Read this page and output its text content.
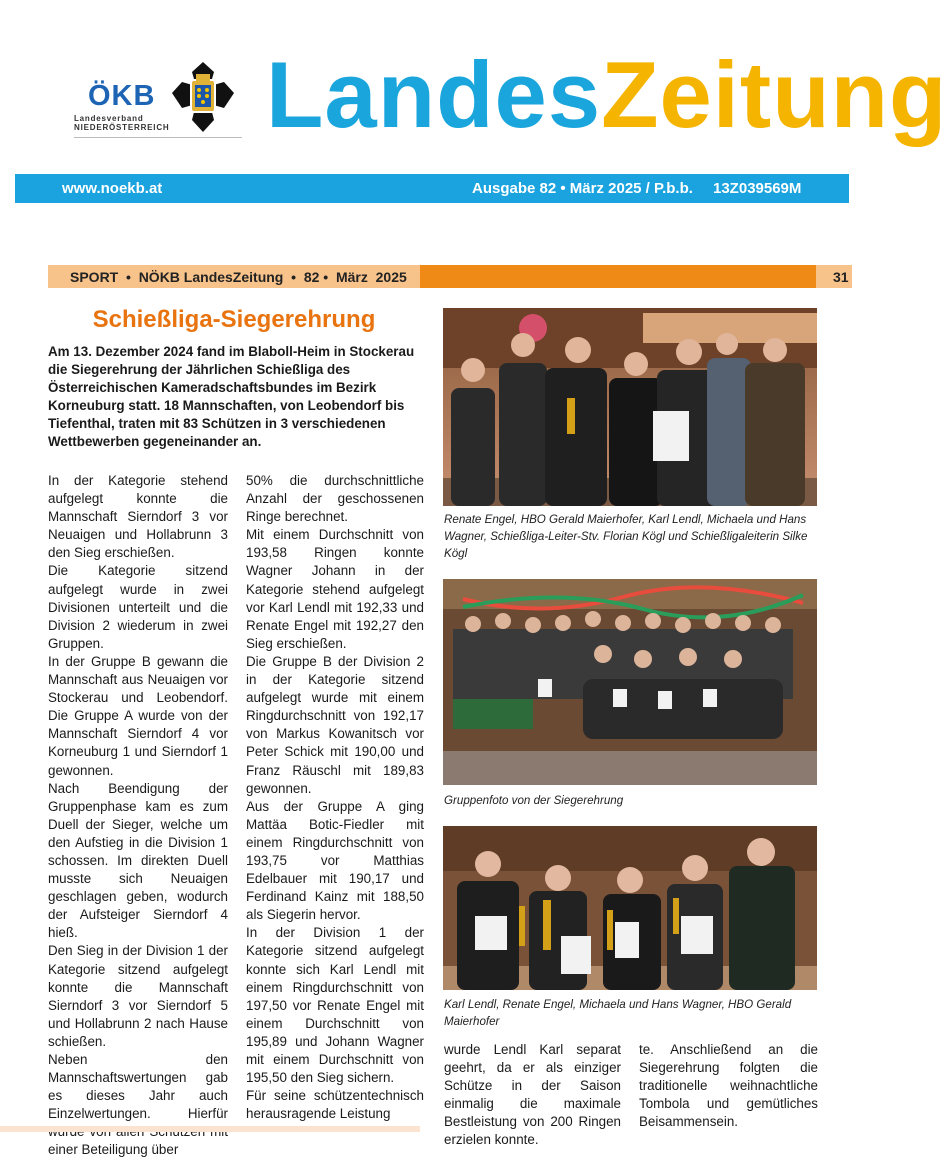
ÖKB
Landesverband
NIEDERÖSTERREICH LandesZeitung
www.noekb.at	Ausgabe 82 • März 2025 / P.b.b. 13Z039569M
SPORT  •  NÖKB LandesZeitung  •  82 •  März  2025	31
Schießliga-Siegerehrung
Am 13. Dezember 2024 fand im Blaboll-Heim in Stockerau die Siegerehrung der Jährlichen Schießliga des Österreichischen Kameradschaftsbundes im Bezirk Korneuburg statt. 18 Mannschaften, von Leobendorf bis Tiefenthal, traten mit 83 Schützen in 3 verschiedenen Wettbewerben gegeneinander an.

In der Kategorie stehend aufgelegt konnte die Mannschaft Sierndorf 3 vor Neuaigen und Hollabrunn 3 den Sieg erschießen.

Die Kategorie sitzend aufgelegt wurde in zwei Divisionen unterteilt und die Division 2 wiederum in zwei Gruppen.

In der Gruppe B gewann die Mannschaft aus Neuaigen vor Stockerau und Leobendorf. Die Gruppe A wurde von der Mannschaft Sierndorf 4 vor Korneuburg 1 und Sierndorf 1 gewonnen.

Nach Beendigung der Gruppenphase kam es zum Duell der Sieger, welche um den Aufstieg in die Division 1 schossen. Im direkten Duell musste sich Neuaigen geschlagen geben, wodurch der Aufsteiger Sierndorf 4 hieß.

Den Sieg in der Division 1 der Kategorie sitzend aufgelegt konnte die Mannschaft Sierndorf 3 vor Sierndorf 5 und Hollabrunn 2 nach Hause schießen.

Neben den Mannschaftswertungen gab es dieses Jahr auch Einzelwertungen. Hierfür einer Beteiligung über

50% die durchschnittliche Anzahl der geschossenen Ringe berechnet.

Mit einem Durchschnitt von 193,58 Ringen konnte Wagner Johann in der Kategorie stehend aufgelegt vor Karl Lendl mit 192,33 und Renate Engel mit 192,27 den Sieg erschießen.

Die Gruppe B der Division 2 in der Kategorie sitzend aufgelegt wurde mit einem Ringdurchschnitt von 192,17 von Markus Kowanitsch vor Peter Schick mit 190,00 und Franz Räuschl mit 189,83 gewonnen.

Aus der Gruppe A ging Mattäa Botic-Fiedler mit einem Ringdurchschnitt von 193,75 vor Matthias Edelbauer mit 190,17 und Ferdinand Kainz mit 188,50 als Siegerin hervor.

In der Division 1 der Kategorie sitzend aufgelegt konnte sich Karl Lendl mit einem Ringdurchschnitt von 197,50 vor Renate Engel mit einem Durchschnitt von 195,89 und Johann Wagner mit einem Durchschnitt von 195,50 den Sieg sichern.

Für seine schützentechnisch herausragende Leistung

wurde Lendl Karl separat geehrt, da er als einziger Schütze in der Saison einmalig die maximale Bestleistung von 200 Ringen erzielen konnte.

te. Anschließend an die Siegerehrung folgten die traditionelle weihnachtliche Tombola und gemütliches Beisammensein.

Renate Engel, HBO Gerald Maierhofer, Karl Lendl, Michaela und Hans Wagner, Schießliga-Leiter-Stv. Florian Kögl und Schießligaleiterin Silke Kögl
Gruppenfoto von der Siegerehrung
Karl Lendl, Renate Engel, Michaela und Hans Wagner, HBO Gerald Maierhofer
